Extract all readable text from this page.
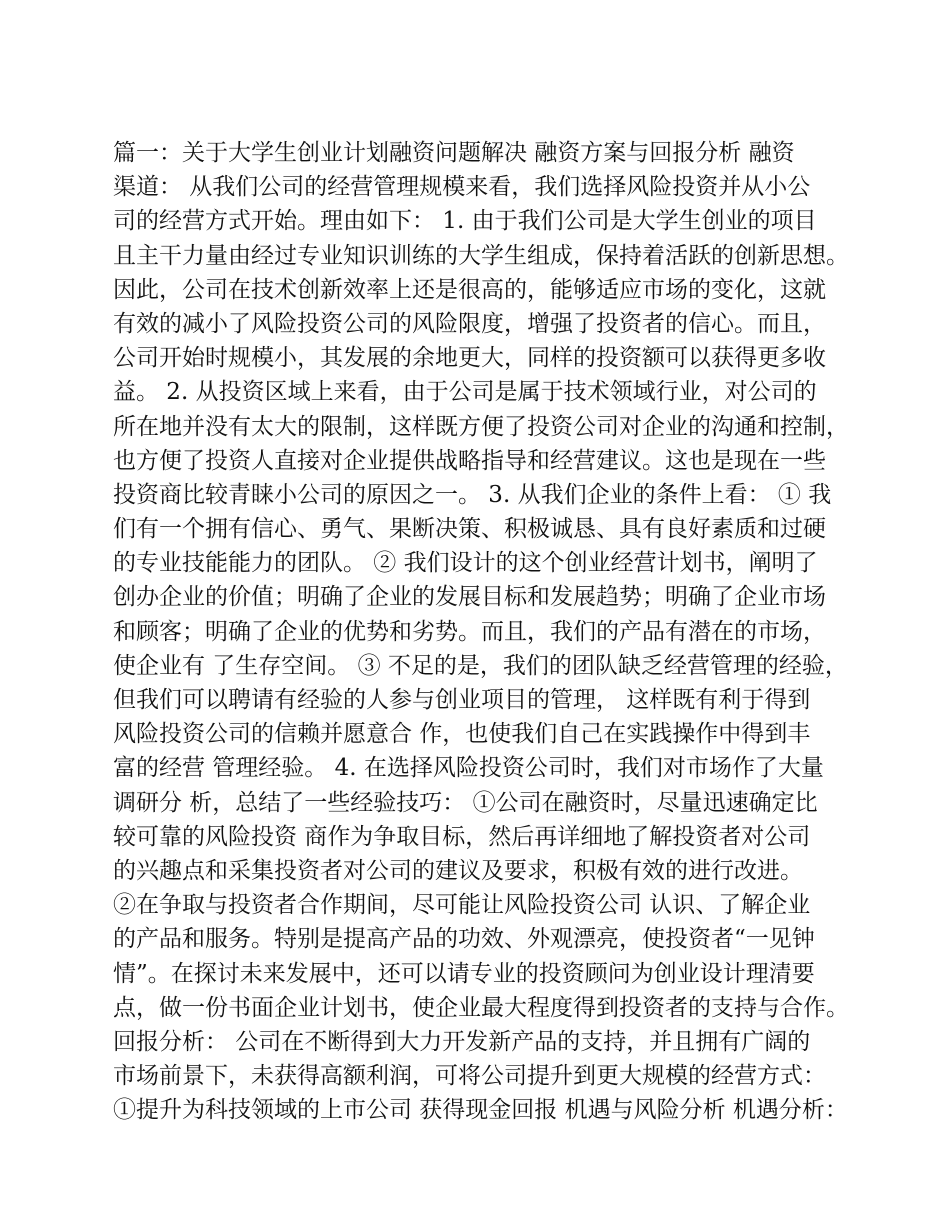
篇一：关于大学生创业计划融资问题解决 融资方案与回报分析 融资
渠道： 从我们公司的经营管理规模来看，我们选择风险投资并从小公
司的经营方式开始。理由如下： 1. 由于我们公司是大学生创业的项目
且主干力量由经过专业知识训练的大学生组成，保持着活跃的创新思想。
因此，公司在技术创新效率上还是很高的，能够适应市场的变化，这就
有效的减小了风险投资公司的风险限度，增强了投资者的信心。而且，
公司开始时规模小，其发展的余地更大，同样的投资额可以获得更多收
益。 2. 从投资区域上来看，由于公司是属于技术领域行业，对公司的
所在地并没有太大的限制，这样既方便了投资公司对企业的沟通和控制，
也方便了投资人直接对企业提供战略指导和经营建议。这也是现在一些
投资商比较青睐小公司的原因之一。 3. 从我们企业的条件上看： ① 我
们有一个拥有信心、勇气、果断决策、积极诚恳、具有良好素质和过硬
的专业技能能力的团队。 ② 我们设计的这个创业经营计划书，阐明了
创办企业的价值；明确了企业的发展目标和发展趋势；明确了企业市场
和顾客；明确了企业的优势和劣势。而且，我们的产品有潜在的市场，
使企业有 了生存空间。 ③ 不足的是，我们的团队缺乏经营管理的经验，
但我们可以聘请有经验的人参与创业项目的管理， 这样既有利于得到
风险投资公司的信赖并愿意合 作，也使我们自己在实践操作中得到丰
富的经营 管理经验。 4. 在选择风险投资公司时，我们对市场作了大量
调研分 析，总结了一些经验技巧： ①公司在融资时，尽量迅速确定比
较可靠的风险投资 商作为争取目标，然后再详细地了解投资者对公司
的兴趣点和采集投资者对公司的建议及要求，积极有效的进行改进。
②在争取与投资者合作期间，尽可能让风险投资公司 认识、了解企业
的产品和服务。特别是提高产品的功效、外观漂亮，使投资者“一见钟
情”。在探讨未来发展中，还可以请专业的投资顾问为创业设计理清要
点，做一份书面企业计划书，使企业最大程度得到投资者的支持与合作。
回报分析： 公司在不断得到大力开发新产品的支持，并且拥有广阔的
市场前景下，未获得高额利润，可将公司提升到更大规模的经营方式：
①提升为科技领域的上市公司 获得现金回报 机遇与风险分析 机遇分析：
